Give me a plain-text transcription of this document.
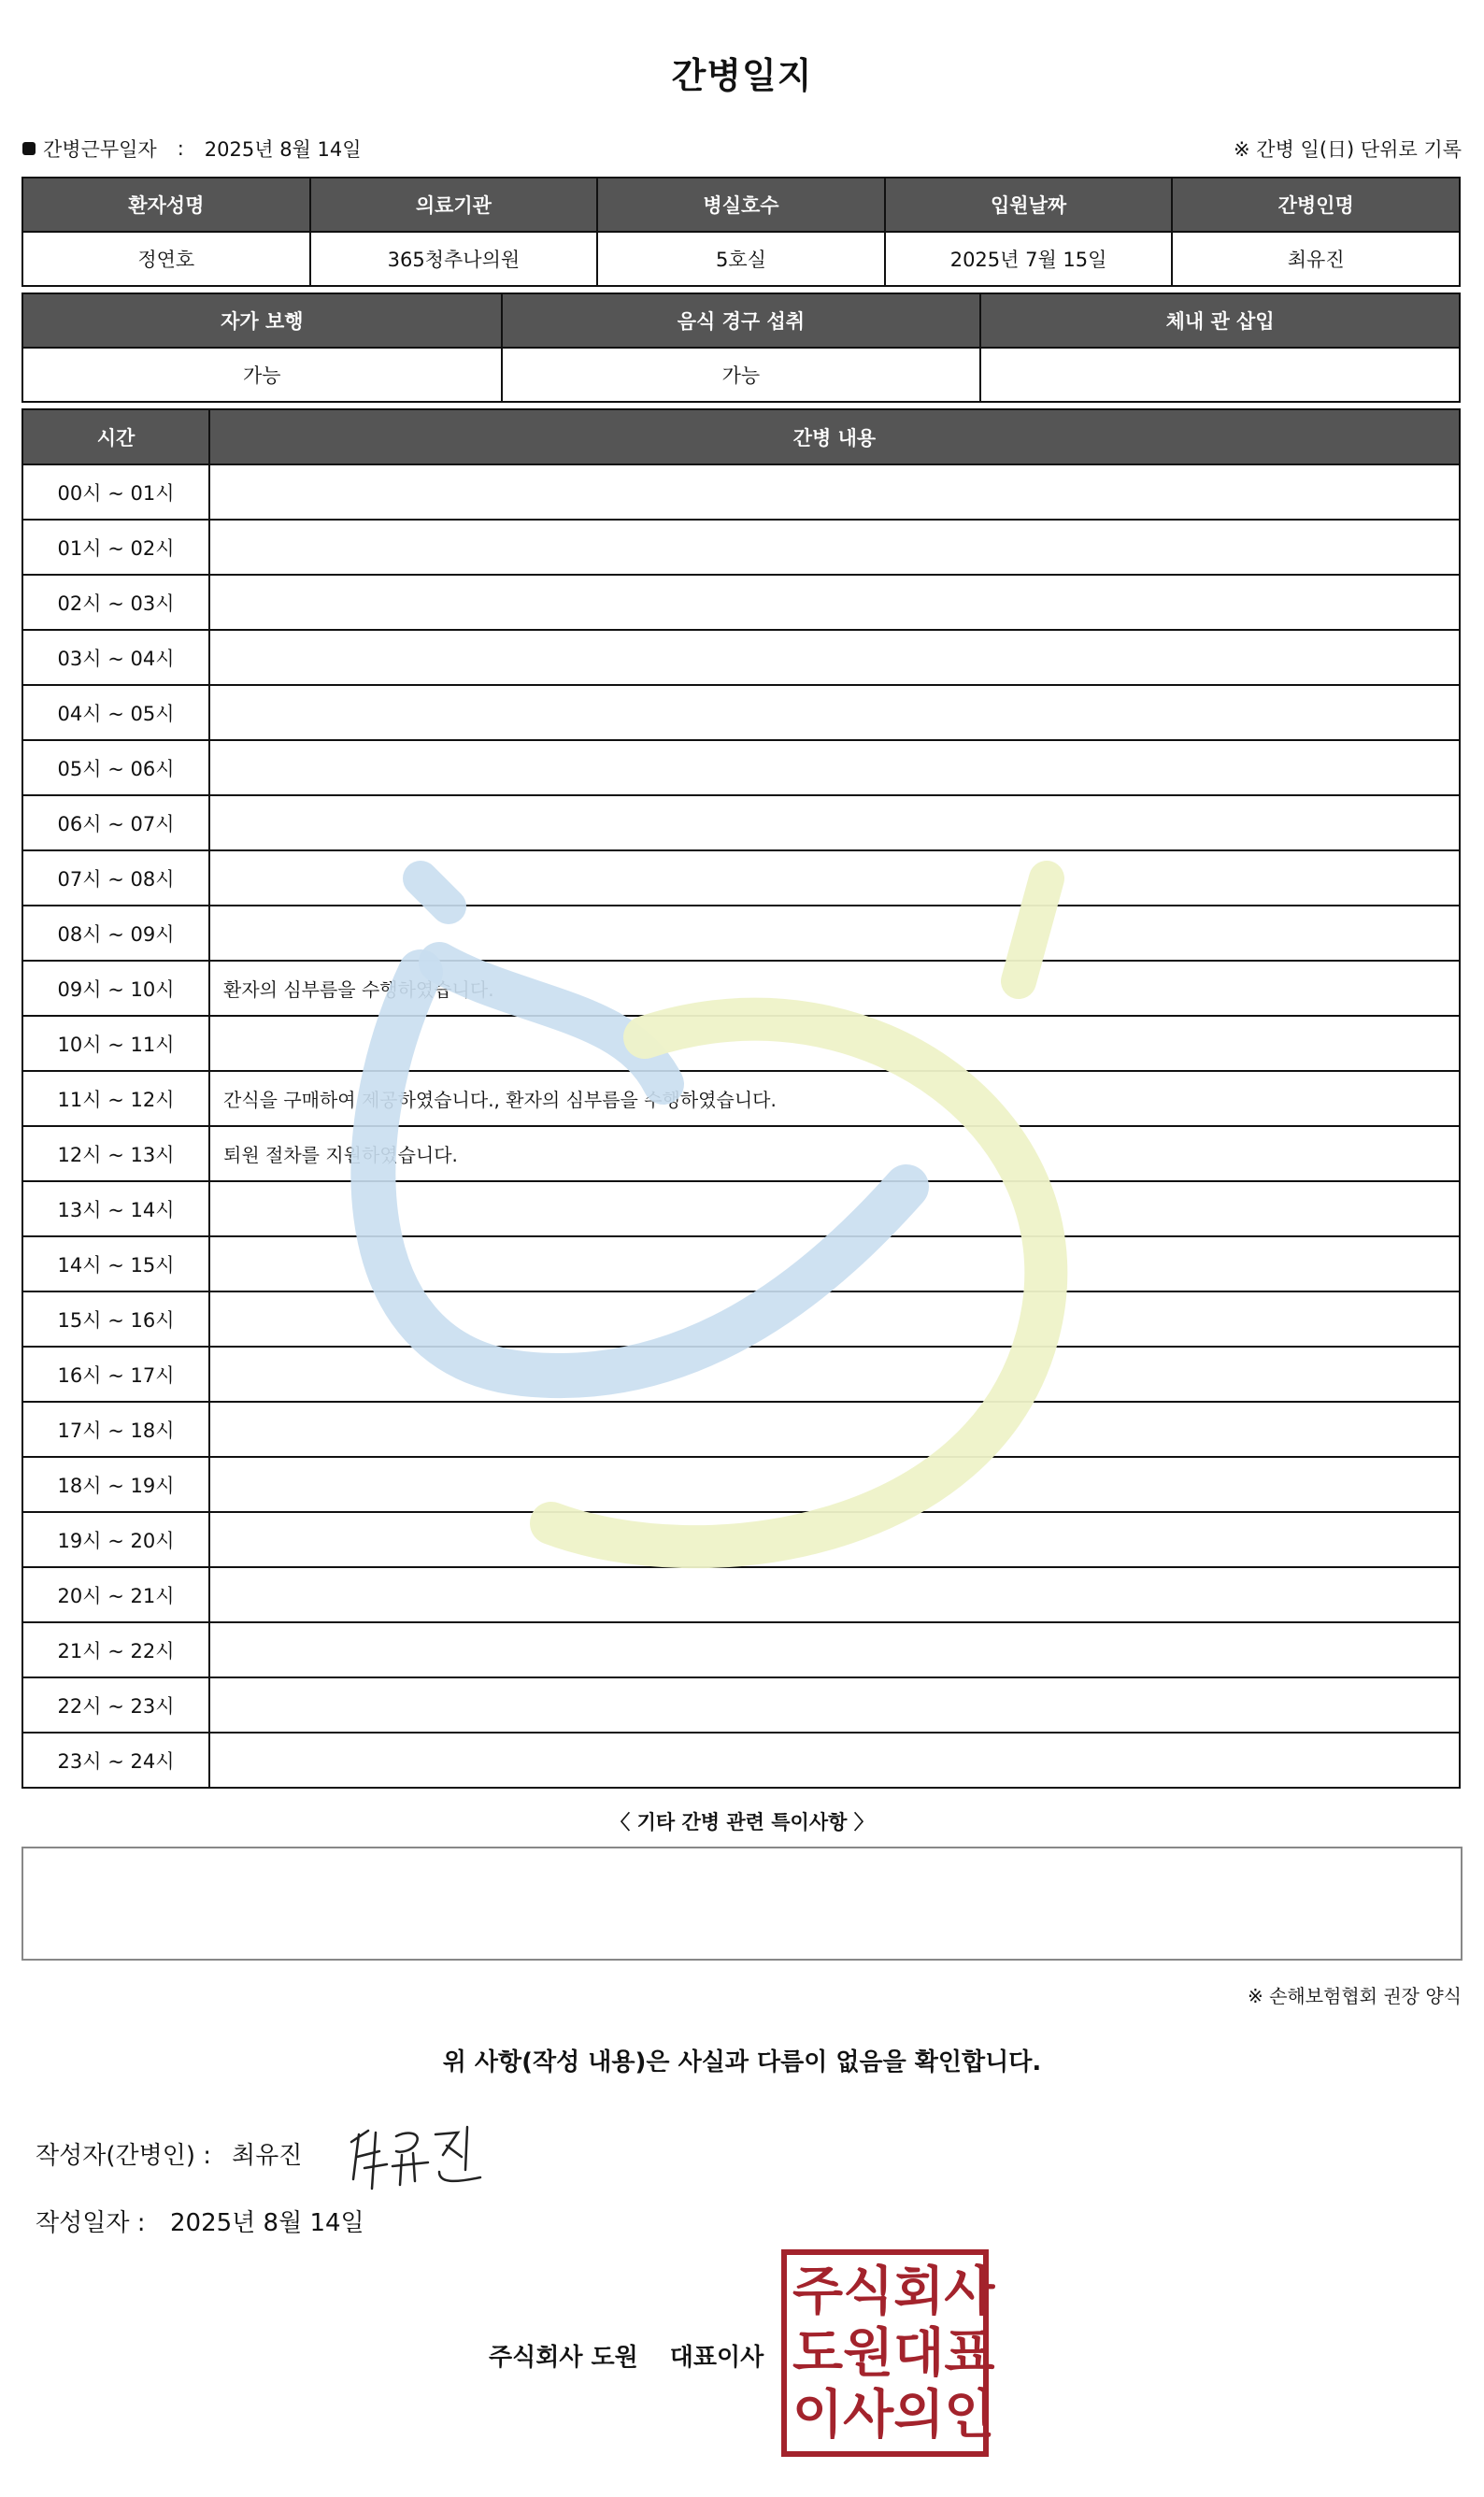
간병일지
간병근무일자 : 2025년 8월 14일	※ 간병 일(日) 단위로 기록
환자성명	의료기관	병실호수	입원날짜	간병인명
정연호	365청추나의원	5호실	2025년 7월 15일	최유진
자가 보행	음식 경구 섭취	체내 관 삽입
가능	가능	
시간	간병 내용
00시 ~ 01시	
01시 ~ 02시	
02시 ~ 03시	
03시 ~ 04시	
04시 ~ 05시	
05시 ~ 06시	
06시 ~ 07시	
07시 ~ 08시	
08시 ~ 09시	
09시 ~ 10시	환자의 심부름을 수행하였습니다.
10시 ~ 11시	
11시 ~ 12시	간식을 구매하여 제공하였습니다., 환자의 심부름을 수행하였습니다.
12시 ~ 13시	퇴원 절차를 지원하였습니다.
13시 ~ 14시	
14시 ~ 15시	
15시 ~ 16시	
16시 ~ 17시	
17시 ~ 18시	
18시 ~ 19시	
19시 ~ 20시	
20시 ~ 21시	
21시 ~ 22시	
22시 ~ 23시	
23시 ~ 24시	
〈 기타 간병 관련 특이사항 〉
※ 손해보험협회 권장 양식
위 사항(작성 내용)은 사실과 다름이 없음을 확인합니다.
작성자(간병인) : 최유진
작성일자 :	2025년 8월 14일
주식회사 도원 대표이사
주 식 회 사
도 원 대 표
이 사 의 인
